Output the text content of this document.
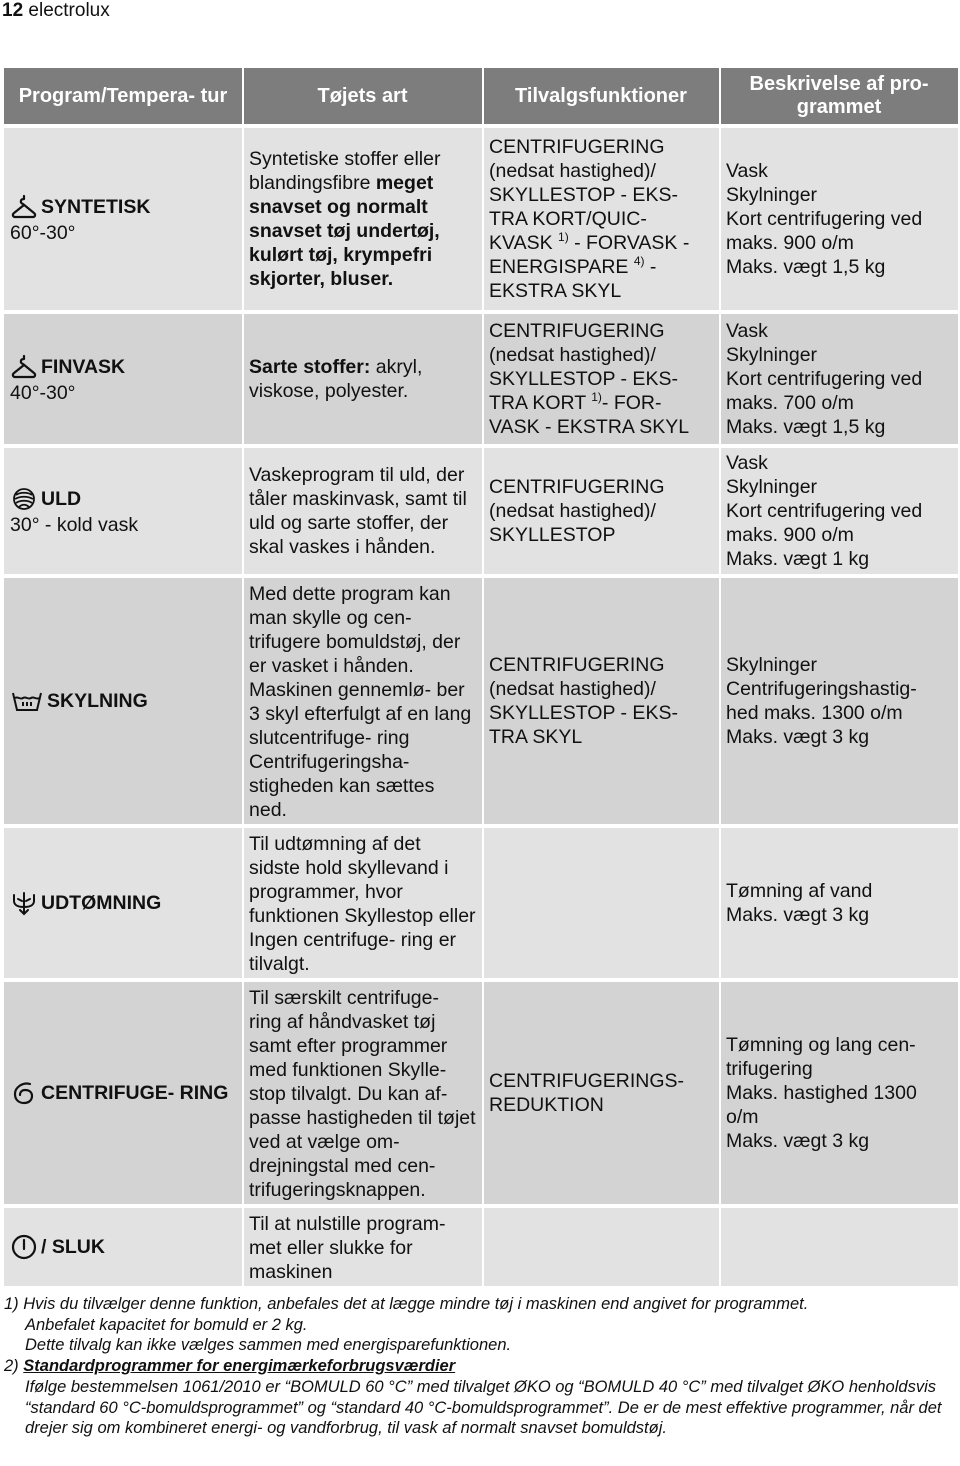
12 electrolux
Program/Tempera- tur	Tøjets art	Tilvalgsfunktioner
Beskrivelse af pro- grammet
SYNTETISK
60°-30°
Syntetiske stoffer eller blandingsfibre meget snavset og normalt snavset tøj undertøj, kulørt tøj, krympefri skjorter, bluser.
CENTRIFUGERING (nedsat hastighed)/ SKYLLESTOP - EKS- TRA KORT/QUIC- KVASK $^{1)}$ - FORVASK - ENERGISPARE $^{4)}$ - EKSTRA SKYL
Vask
Skylninger
Kort centrifugering ved maks. 900 o/m
Maks. vægt 1,5 kg
FINVASK
40°-30°
Sarte stoffer: akryl, viskose, polyester.
CENTRIFUGERING (nedsat hastighed)/ SKYLLESTOP - EKS- TRA KORT $^{1)}$- FOR- VASK - EKSTRA SKYL
Vask
Skylninger
Kort centrifugering ved maks. 700 o/m
Maks. vægt 1,5 kg
ULD
30° - kold vask
Vaskeprogram til uld, der tåler maskinvask, samt til uld og sarte stoffer, der skal vaskes i hånden.
CENTRIFUGERING (nedsat hastighed)/ SKYLLESTOP
Vask
Skylninger
Kort centrifugering ved maks. 900 o/m
Maks. vægt 1 kg
SKYLNING
Med dette program kan man skylle og cen- trifugere bomuldstøj, der er vasket i hånden. Maskinen gennemlø- ber 3 skyl efterfulgt af en lang slutcentrifuge- ring Centrifugeringsha- stigheden kan sættes ned.
CENTRIFUGERING (nedsat hastighed)/ SKYLLESTOP - EKS- TRA SKYL
Skylninger
Centrifugeringshastig- hed maks. 1300 o/m
Maks. vægt 3 kg
UDTØMNING
Til udtømning af det sidste hold skyllevand i programmer, hvor funktionen Skyllestop eller Ingen centrifuge- ring er tilvalgt.
Tømning af vand
Maks. vægt 3 kg
CENTRIFUGE- RING
Til særskilt centrifuge- ring af håndvasket tøj samt efter programmer med funktionen Skylle- stop tilvalgt. Du kan af- passe hastigheden til tøjet ved at vælge om- drejningstal med cen- trifugeringsknappen.
CENTRIFUGERINGS- REDUKTION
Tømning og lang cen- trifugering
Maks. hastighed 1300 o/m
Maks. vægt 3 kg
/ SLUK
Til at nulstille program- met eller slukke for maskinen
1) Hvis du tilvælger denne funktion, anbefales det at lægge mindre tøj i maskinen end angivet for programmet.
Anbefalet kapacitet for bomuld er 2 kg.
Dette tilvalg kan ikke vælges sammen med energisparefunktionen.
2) Standardprogrammer for energimærkeforbrugsværdier
Ifølge bestemmelsen 1061/2010 er “BOMULD 60 °C” med tilvalget ØKO og “BOMULD 40 °C” med tilvalget ØKO henholdsvis “standard 60 °C-bomuldsprogrammet” og “standard 40 °C-bomuldsprogrammet”. De er de mest effektive programmer, når det drejer sig om kombineret energi- og vandforbrug, til vask af normalt snavset bomuldstøj.
